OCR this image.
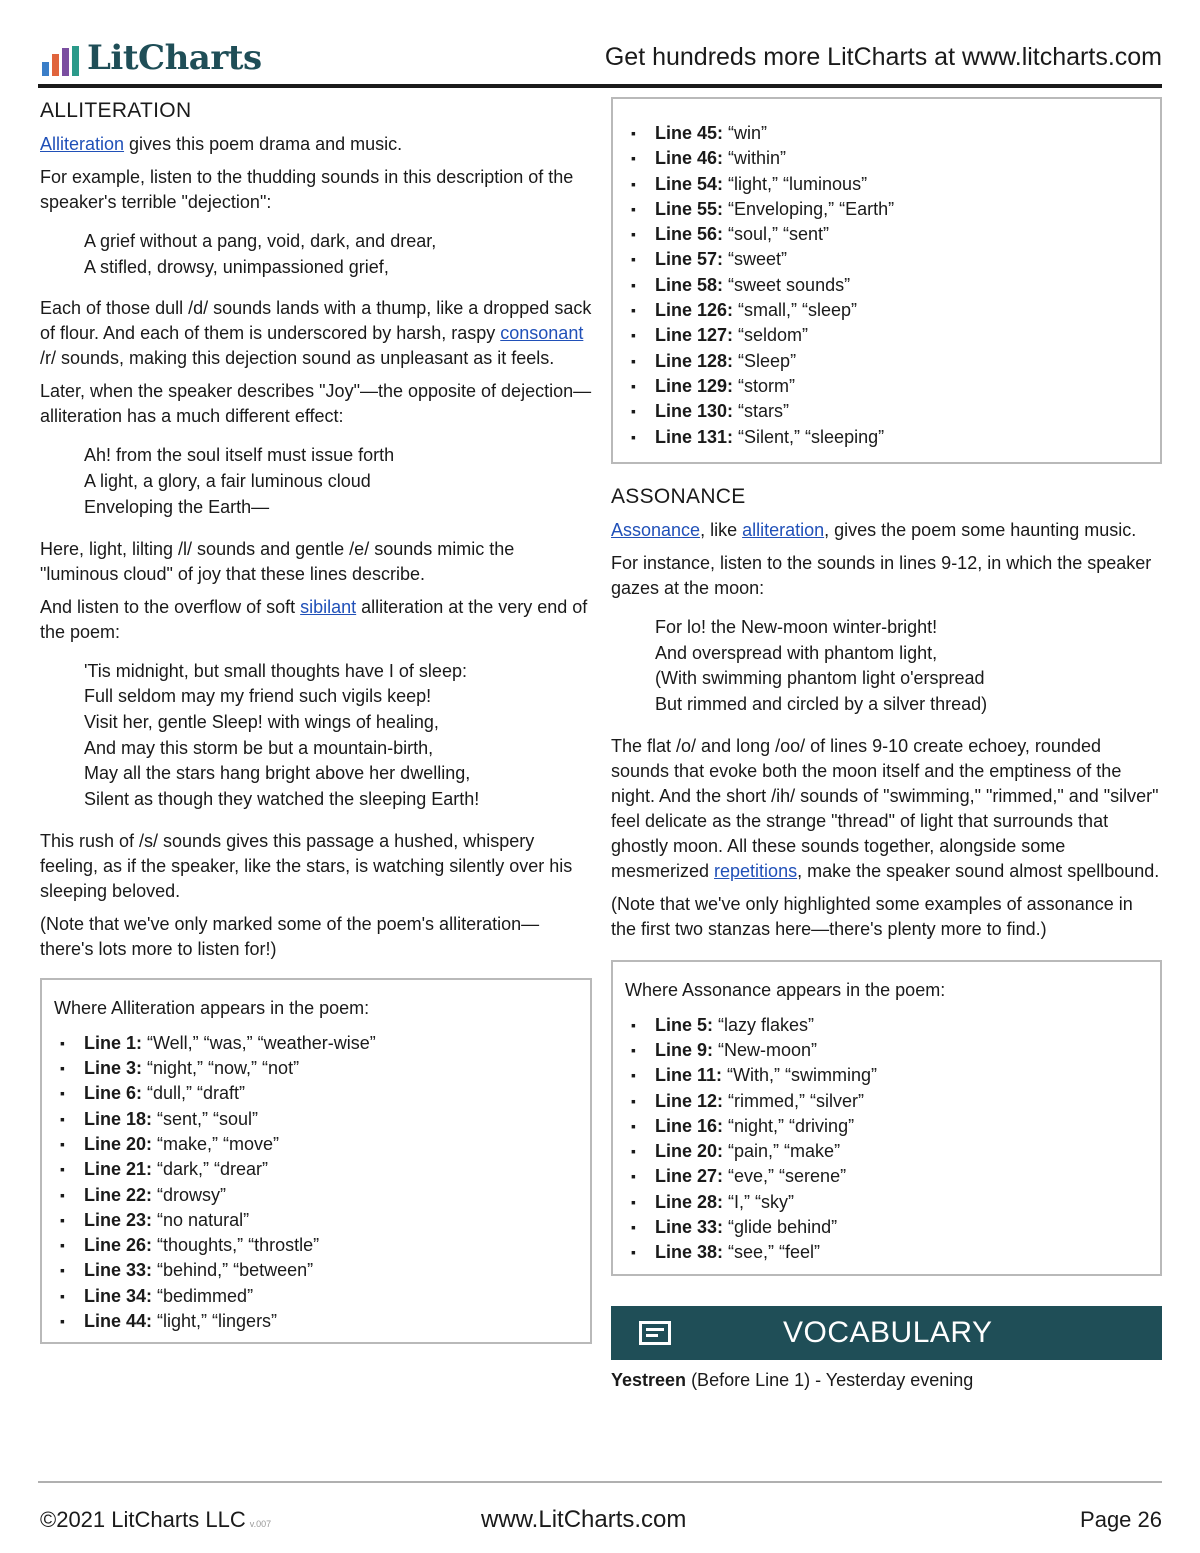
LitCharts	Get hundreds more LitCharts at www.litcharts.com
ALLITERATION

Alliteration gives this poem drama and music.

For example, listen to the thudding sounds in this description of the speaker's terrible "dejection":

A grief without a pang, void, dark, and drear,
A stifled, drowsy, unimpassioned grief,

Each of those dull /d/ sounds lands with a thump, like a dropped sack of flour. And each of them is underscored by harsh, raspy consonant /r/ sounds, making this dejection sound as unpleasant as it feels.

Later, when the speaker describes "Joy"—the opposite of dejection—alliteration has a much different effect:

Ah! from the soul itself must issue forth
A light, a glory, a fair luminous cloud
Enveloping the Earth—

Here, light, lilting /l/ sounds and gentle /e/ sounds mimic the "luminous cloud" of joy that these lines describe.

And listen to the overflow of soft sibilant alliteration at the very end of the poem:

'Tis midnight, but small thoughts have I of sleep:
Full seldom may my friend such vigils keep!
Visit her, gentle Sleep! with wings of healing,
And may this storm be but a mountain-birth,
May all the stars hang bright above her dwelling,
Silent as though they watched the sleeping Earth!

This rush of /s/ sounds gives this passage a hushed, whispery feeling, as if the speaker, like the stars, is watching silently over his sleeping beloved.

(Note that we've only marked some of the poem's alliteration—there's lots more to listen for!)

Where Alliteration appears in the poem:
▪ Line 1: “Well,” “was,” “weather-wise”
▪ Line 3: “night,” “now,” “not”
▪ Line 6: “dull,” “draft”
▪ Line 18: “sent,” “soul”
▪ Line 20: “make,” “move”
▪ Line 21: “dark,” “drear”
▪ Line 22: “drowsy”
▪ Line 23: “no natural”
▪ Line 26: “thoughts,” “throstle”
▪ Line 33: “behind,” “between”
▪ Line 34: “bedimmed”
▪ Line 44: “light,” “lingers”
▪ Line 45: “win”
▪ Line 46: “within”
▪ Line 54: “light,” “luminous”
▪ Line 55: “Enveloping,” “Earth”
▪ Line 56: “soul,” “sent”
▪ Line 57: “sweet”
▪ Line 58: “sweet sounds”
▪ Line 126: “small,” “sleep”
▪ Line 127: “seldom”
▪ Line 128: “Sleep”
▪ Line 129: “storm”
▪ Line 130: “stars”
▪ Line 131: “Silent,” “sleeping”
ASSONANCE

Assonance, like alliteration, gives the poem some haunting music.

For instance, listen to the sounds in lines 9-12, in which the speaker gazes at the moon:

For lo! the New-moon winter-bright!
And overspread with phantom light,
(With swimming phantom light o'erspread
But rimmed and circled by a silver thread)

The flat /o/ and long /oo/ of lines 9-10 create echoey, rounded sounds that evoke both the moon itself and the emptiness of the night. And the short /ih/ sounds of "swimming," "rimmed," and "silver" feel delicate as the strange "thread" of light that surrounds that ghostly moon. All these sounds together, alongside some mesmerized repetitions, make the speaker sound almost spellbound.

(Note that we've only highlighted some examples of assonance in the first two stanzas here—there's plenty more to find.)

Where Assonance appears in the poem:
▪ Line 5: “lazy flakes”
▪ Line 9: “New-moon”
▪ Line 11: “With,” “swimming”
▪ Line 12: “rimmed,” “silver”
▪ Line 16: “night,” “driving”
▪ Line 20: “pain,” “make”
▪ Line 27: “eve,” “serene”
▪ Line 28: “I,” “sky”
▪ Line 33: “glide behind”
▪ Line 38: “see,” “feel”
VOCABULARY
Yestreen (Before Line 1) - Yesterday evening
©2021 LitCharts LLC v.007	www.LitCharts.com	Page 26
